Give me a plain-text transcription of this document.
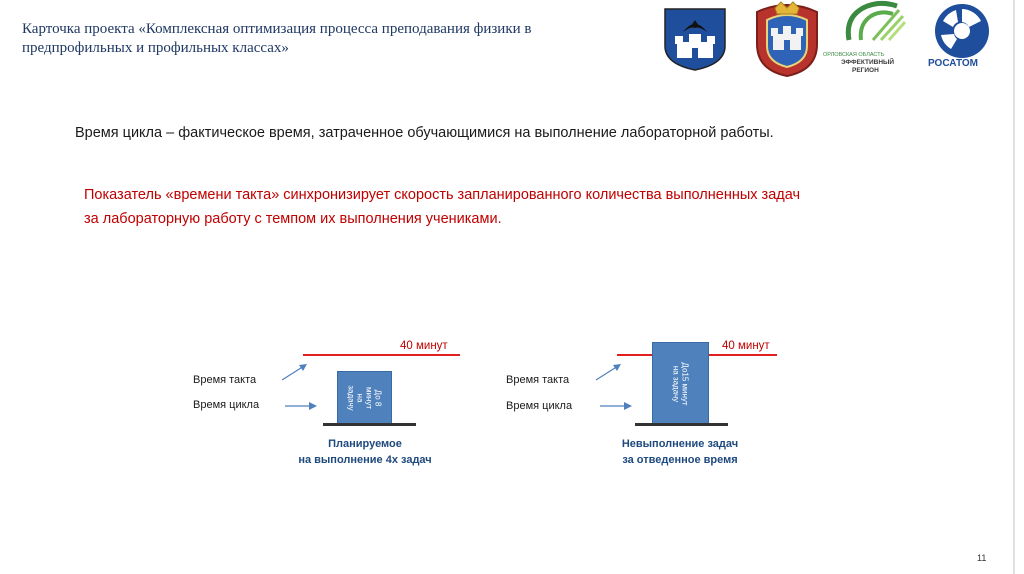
Карточка проекта «Комплексная оптимизация процесса преподавания физики в предпрофильных и профильных классах»	ОРЛОВСКАЯ ОБЛАСТЬ
ЭФФЕКТИВНЫЙ
РЕГИОН
РОСАТОМ
Время цикла – фактическое время, затраченное обучающимися на выполнение лабораторной работы.
Показатель «времени такта» синхронизирует скорость запланированного количества выполненных задач
за лабораторную работу с темпом их выполнения учениками.
40 минут
Время такта
Время цикла	До 8
минут
на
задачу
Планируемое
на выполнение 4х задач
40 минут
Время такта
Время цикла
До15 минут
на задачу
Невыполнение задач
за отведенное время
11
